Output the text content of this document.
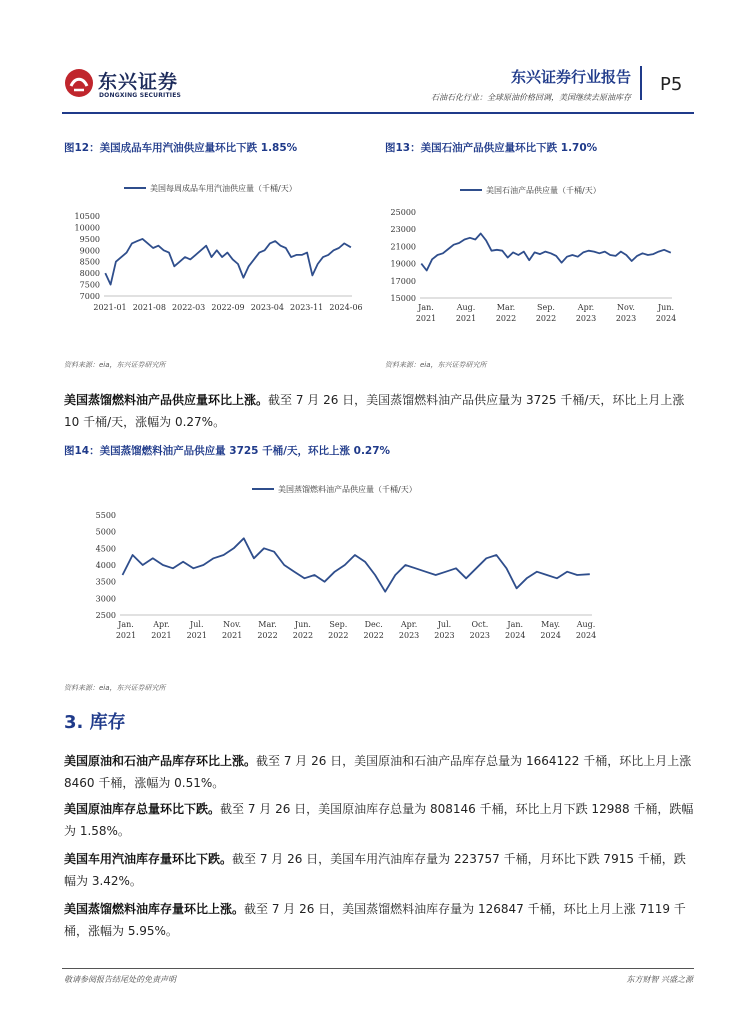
东兴证券
DONGXING SECURITIES
东兴证券行业报告
石油石化行业：全球原油价格回调，美国继续去原油库存
P5
图12：美国成品车用汽油供应量环比下跌 1.85%
美国每周成品车用汽油供应量（千桶/天）
7000
7500
8000
8500
9000
9500
10000
10500
2021-01 2021-08 2022-03 2022-09 2023-04 2023-11 2024-06
资料来源：eia，东兴证券研究所
图13：美国石油产品供应量环比下跌 1.70%
美国石油产品供应量（千桶/天）
15000
17000
19000
21000
23000
25000
Jan.
2021
Aug.
2021
Mar.
2022
Sep.
2022
Apr.
2023
Nov.
2023
Jun.
2024
资料来源：eia，东兴证券研究所
美国蒸馏燃料油产品供应量环比上涨。截至 7 月 26 日，美国蒸馏燃料油产品供应量为 3725 千桶/天，环比上月上涨 10 千桶/天，涨幅为 0.27%。
图14：美国蒸馏燃料油产品供应量 3725 千桶/天，环比上涨 0.27%
美国蒸馏燃料油产品供应量（千桶/天）
2500
3000
3500
4000
4500
5000
5500
Jan.
2021
Apr.
2021
Jul.
2021
Nov.
2021
Mar.
2022
Jun.
2022
Sep.
2022
Dec.
2022
Apr.
2023
Jul.
2023
Oct.
2023
Jan.
2024
May.
2024
Aug.
2024
资料来源：eia，东兴证券研究所
3. 库存
美国原油和石油产品库存环比上涨。截至 7 月 26 日，美国原油和石油产品库存总量为 1664122 千桶，环比上月上涨 8460 千桶，涨幅为 0.51%。
美国原油库存总量环比下跌。截至 7 月 26 日，美国原油库存总量为 808146 千桶，环比上月下跌 12988 千桶，跌幅为 1.58%。
美国车用汽油库存量环比下跌。截至 7 月 26 日，美国车用汽油库存量为 223757 千桶，月环比下跌 7915 千桶，跌幅为 3.42%。
美国蒸馏燃料油库存量环比上涨。截至 7 月 26 日，美国蒸馏燃料油库存量为 126847 千桶，环比上月上涨 7119 千桶，涨幅为 5.95%。
敬请参阅报告结尾处的免责声明	东方财智 兴盛之源
